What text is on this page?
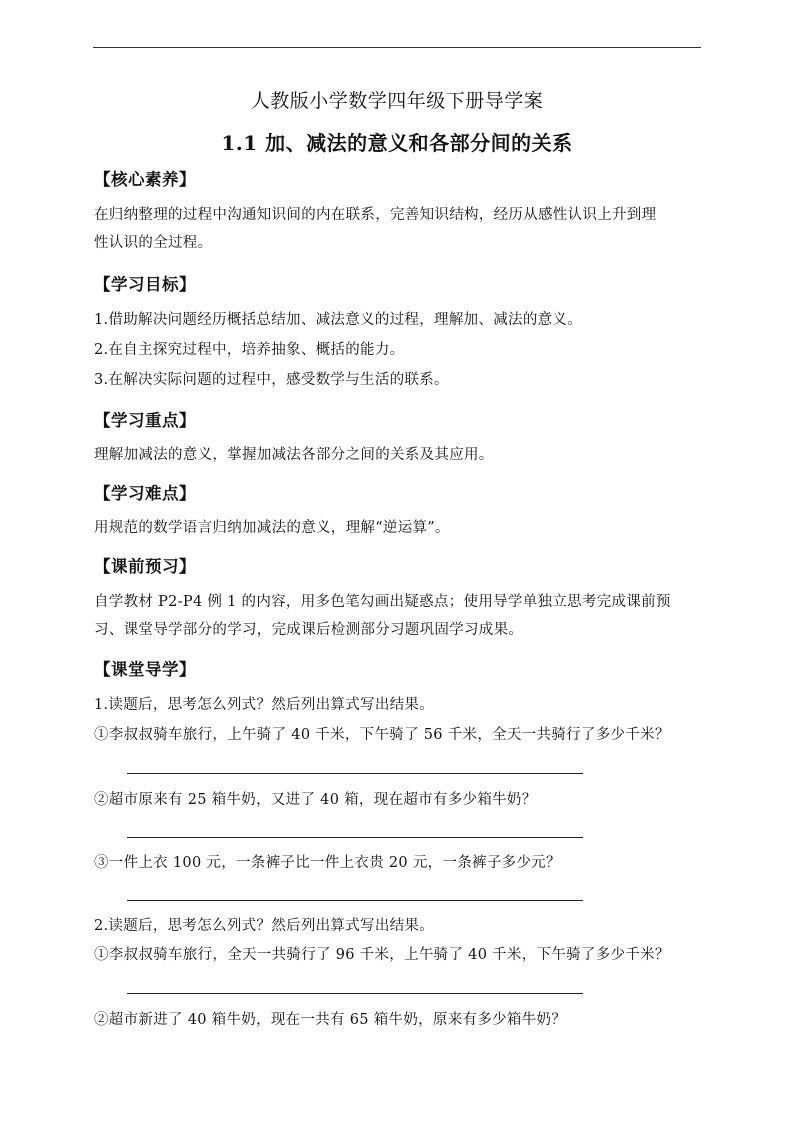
人教版小学数学四年级下册导学案
1.1 加、减法的意义和各部分间的关系
【核心素养】
在归纳整理的过程中沟通知识间的内在联系，完善知识结构，经历从感性认识上升到理
性认识的全过程。
【学习目标】
1.借助解决问题经历概括总结加、减法意义的过程，理解加、减法的意义。
2.在自主探究过程中，培养抽象、概括的能力。
3.在解决实际问题的过程中，感受数学与生活的联系。
【学习重点】
理解加减法的意义，掌握加减法各部分之间的关系及其应用。
【学习难点】
用规范的数学语言归纳加减法的意义，理解“逆运算”。
【课前预习】
自学教材 P2-P4 例 1 的内容，用多色笔勾画出疑惑点；使用导学单独立思考完成课前预
习、课堂导学部分的学习，完成课后检测部分习题巩固学习成果。
【课堂导学】
1.读题后，思考怎么列式？然后列出算式写出结果。
①李叔叔骑车旅行，上午骑了 40 千米，下午骑了 56 千米，全天一共骑行了多少千米？
②超市原来有 25 箱牛奶，又进了 40 箱，现在超市有多少箱牛奶？
③一件上衣 100 元，一条裤子比一件上衣贵 20 元，一条裤子多少元？
2.读题后，思考怎么列式？然后列出算式写出结果。
①李叔叔骑车旅行，全天一共骑行了 96 千米，上午骑了 40 千米，下午骑了多少千米？
②超市新进了 40 箱牛奶，现在一共有 65 箱牛奶，原来有多少箱牛奶？
